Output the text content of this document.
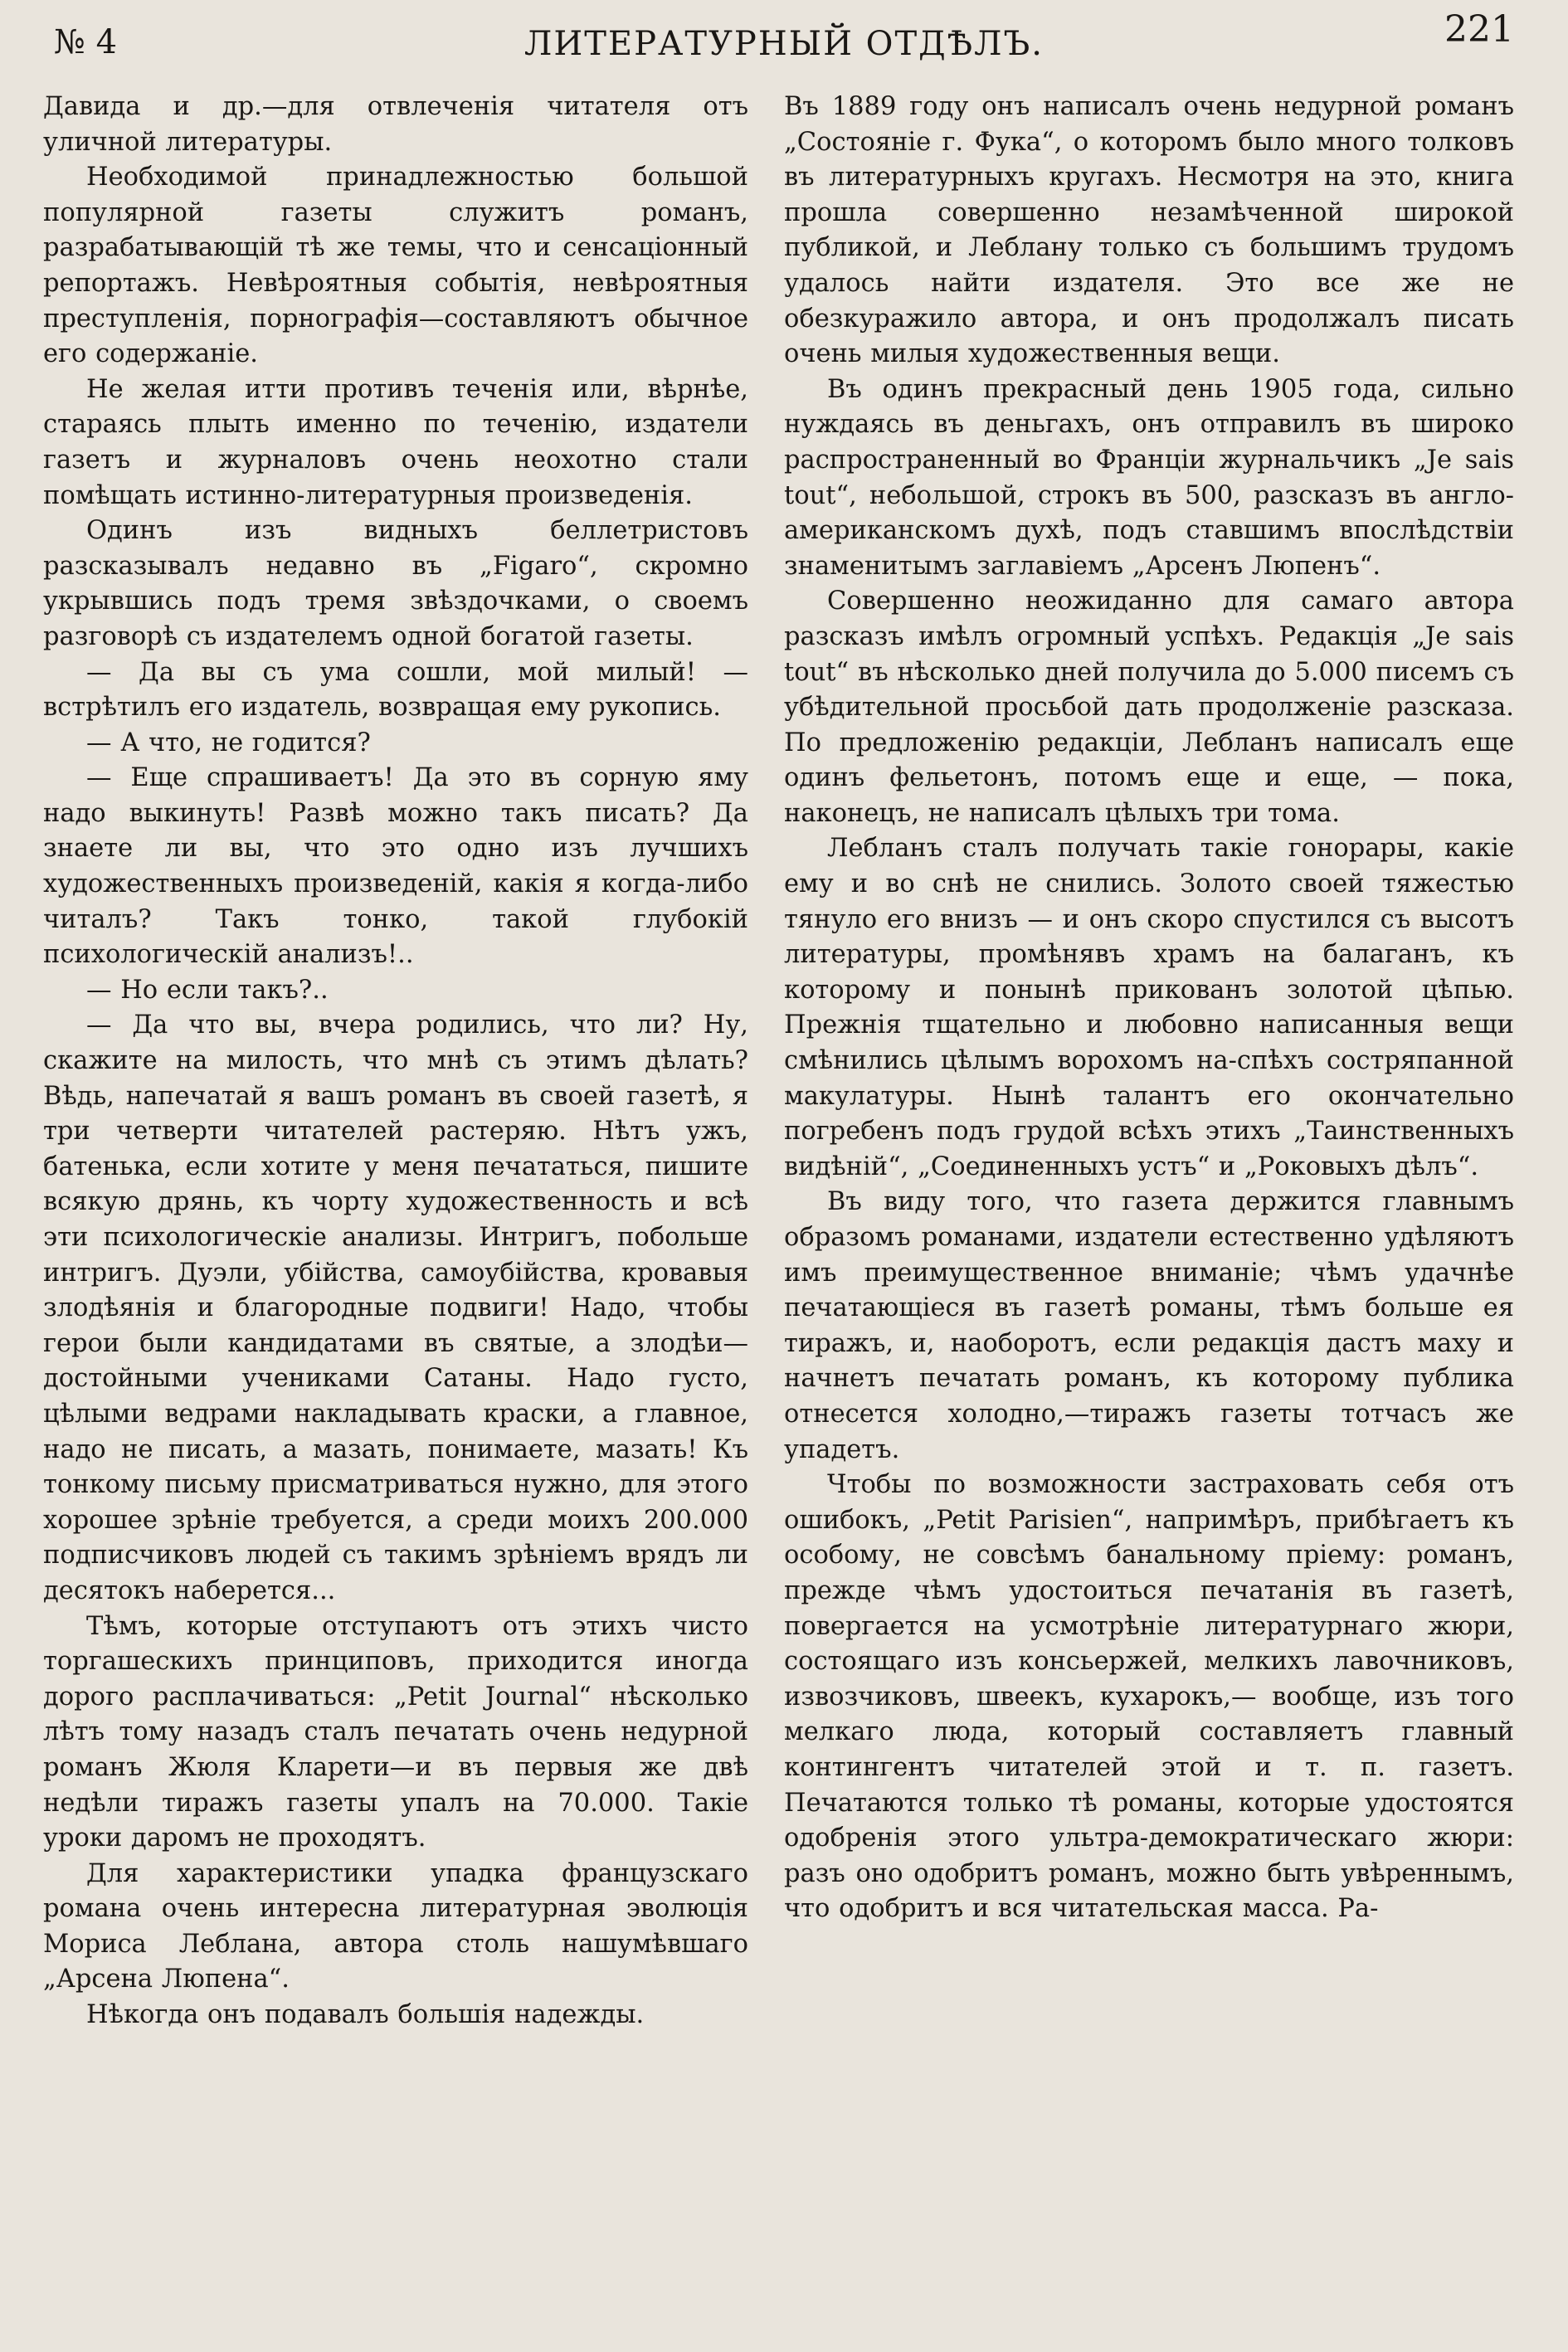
№ 4	ЛИТЕРАТУРНЫЙ ОТДѢЛЪ.	221

Давида и др.—для отвлеченія читателя отъ уличной литературы.

Необходимой принадлежностью большой популярной газеты служитъ романъ, разрабатывающій тѣ же темы, что и сенсаціонный репортажъ. Невѣроятныя событія, невѣроятныя преступленія, порнографія—составляютъ обычное его содержаніе.

Не желая итти противъ теченія или, вѣрнѣе, стараясь плыть именно по теченію, издатели газетъ и журналовъ очень неохотно стали помѣщать истинно-литературныя произведенія.

Одинъ изъ видныхъ беллетристовъ разсказывалъ недавно въ „Figaro“, скромно укрывшись подъ тремя звѣздочками, о своемъ разговорѣ съ издателемъ одной богатой газеты.

— Да вы съ ума сошли, мой милый! — встрѣтилъ его издатель, возвращая ему рукопись.

— А что, не годится?

— Еще спрашиваетъ! Да это въ сорную яму надо выкинуть! Развѣ можно такъ писать? Да знаете ли вы, что это одно изъ лучшихъ художественныхъ произведеній, какія я когда-либо читалъ? Такъ тонко, такой глубокій психологическій анализъ!..

— Но если такъ?..

— Да что вы, вчера родились, что ли? Ну, скажите на милость, что мнѣ съ этимъ дѣлать? Вѣдь, напечатай я вашъ романъ въ своей газетѣ, я три четверти читателей растеряю. Нѣтъ ужъ, батенька, если хотите у меня печататься, пишите всякую дрянь, къ чорту художественность и всѣ эти психологическіе анализы. Интригъ, побольше интригъ. Дуэли, убійства, самоубійства, кровавыя злодѣянія и благородные подвиги! Надо, чтобы герои были кандидатами въ святые, а злодѣи—достойными учениками Сатаны. Надо густо, цѣлыми ведрами накладывать краски, а главное, надо не писать, а мазать, понимаете, мазать! Къ тонкому письму присматриваться нужно, для этого хорошее зрѣніе требуется, а среди моихъ 200.000 подписчиковъ людей съ такимъ зрѣніемъ врядъ ли десятокъ наберется...

Тѣмъ, которые отступаютъ отъ этихъ чисто торгашескихъ принциповъ, приходится иногда дорого расплачиваться: „Petit Journal“ нѣсколько лѣтъ тому назадъ сталъ печатать очень недурной романъ Жюля Кларети—и въ первыя же двѣ недѣли тиражъ газеты упалъ на 70.000. Такіе уроки даромъ не проходятъ.

Для характеристики упадка французскаго романа очень интересна литературная эволюція Мориса Леблана, автора столь нашумѣвшаго „Арсена Люпена“.

Нѣкогда онъ подавалъ большія надежды.

Въ 1889 году онъ написалъ очень недурной романъ „Состояніе г. Фука“, о которомъ было много толковъ въ литературныхъ кругахъ. Несмотря на это, книга прошла совершенно незамѣченной широкой публикой, и Леблану только съ большимъ трудомъ удалось найти издателя. Это все же не обезкуражило автора, и онъ продолжалъ писать очень милыя художественныя вещи.

Въ одинъ прекрасный день 1905 года, сильно нуждаясь въ деньгахъ, онъ отправилъ въ широко распространенный во Франціи журнальчикъ „Je sais tout“, небольшой, строкъ въ 500, разсказъ въ англо-американскомъ духѣ, подъ ставшимъ впослѣдствіи знаменитымъ заглавіемъ „Арсенъ Люпенъ“.

Совершенно неожиданно для самаго автора разсказъ имѣлъ огромный успѣхъ. Редакція „Je sais tout“ въ нѣсколько дней получила до 5.000 писемъ съ убѣдительной просьбой дать продолженіе разсказа. По предложенію редакціи, Лебланъ написалъ еще одинъ фельетонъ, потомъ еще и еще, — пока, наконецъ, не написалъ цѣлыхъ три тома.

Лебланъ сталъ получать такіе гонорары, какіе ему и во снѣ не снились. Золото своей тяжестью тянуло его внизъ — и онъ скоро спустился съ высотъ литературы, промѣнявъ храмъ на балаганъ, къ которому и понынѣ прикованъ золотой цѣпью. Прежнія тщательно и любовно написанныя вещи смѣнились цѣлымъ ворохомъ на-спѣхъ состряпанной макулатуры. Нынѣ талантъ его окончательно погребенъ подъ грудой всѣхъ этихъ „Таинственныхъ видѣній“, „Соединенныхъ устъ“ и „Роковыхъ дѣлъ“.

Въ виду того, что газета держится главнымъ образомъ романами, издатели естественно удѣляютъ имъ преимущественное вниманіе; чѣмъ удачнѣе печатающіеся въ газетѣ романы, тѣмъ больше ея тиражъ, и, наоборотъ, если редакція дастъ маху и начнетъ печатать романъ, къ которому публика отнесется холодно,—тиражъ газеты тотчасъ же упадетъ.

Чтобы по возможности застраховать себя отъ ошибокъ, „Petit Parisien“, напримѣръ, прибѣгаетъ къ особому, не совсѣмъ банальному пріему: романъ, прежде чѣмъ удостоиться печатанія въ газетѣ, повергается на усмотрѣніе литературнаго жюри, состоящаго изъ консьержей, мелкихъ лавочниковъ, извозчиковъ, швеекъ, кухарокъ,— вообще, изъ того мелкаго люда, который составляетъ главный контингентъ читателей этой и т. п. газетъ. Печатаются только тѣ романы, которые удостоятся одобренія этого ультра-демократическаго жюри: разъ оно одобритъ романъ, можно быть увѣреннымъ, что одобритъ и вся читательская масса. Ра-
